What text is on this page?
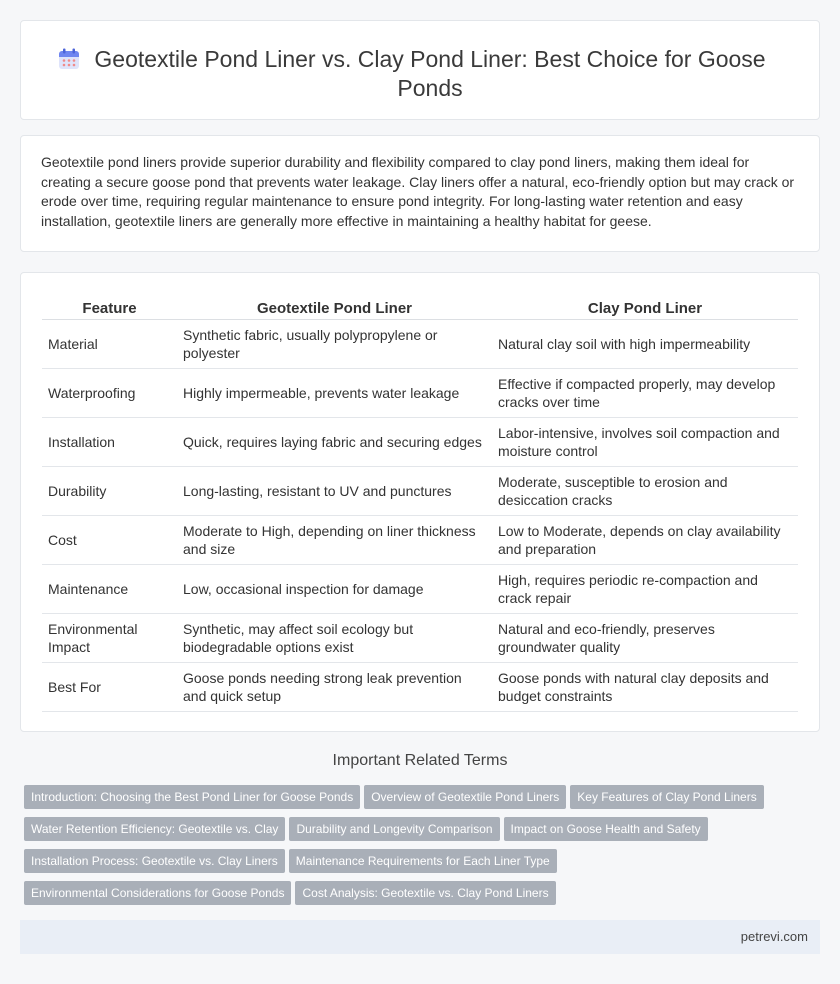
Geotextile Pond Liner vs. Clay Pond Liner: Best Choice for Goose Ponds

Geotextile pond liners provide superior durability and flexibility compared to clay pond liners, making them ideal for creating a secure goose pond that prevents water leakage. Clay liners offer a natural, eco-friendly option but may crack or erode over time, requiring regular maintenance to ensure pond integrity. For long-lasting water retention and easy installation, geotextile liners are generally more effective in maintaining a healthy habitat for geese.

Feature	Geotextile Pond Liner	Clay Pond Liner
Material	Synthetic fabric, usually polypropylene or polyester	Natural clay soil with high impermeability
Waterproofing	Highly impermeable, prevents water leakage	Effective if compacted properly, may develop cracks over time
Installation	Quick, requires laying fabric and securing edges	Labor-intensive, involves soil compaction and moisture control
Durability	Long-lasting, resistant to UV and punctures	Moderate, susceptible to erosion and desiccation cracks
Cost	Moderate to High, depending on liner thickness and size	Low to Moderate, depends on clay availability and preparation
Maintenance	Low, occasional inspection for damage	High, requires periodic re-compaction and crack repair
Environmental Impact	Synthetic, may affect soil ecology but biodegradable options exist	Natural and eco-friendly, preserves groundwater quality
Best For	Goose ponds needing strong leak prevention and quick setup	Goose ponds with natural clay deposits and budget constraints
Important Related Terms
Introduction: Choosing the Best Pond Liner for Goose Ponds Overview of Geotextile Pond Liners Key Features of Clay Pond Liners
Water Retention Efficiency: Geotextile vs. Clay Durability and Longevity Comparison Impact on Goose Health and Safety
Installation Process: Geotextile vs. Clay Liners Maintenance Requirements for Each Liner Type
Environmental Considerations for Goose Ponds Cost Analysis: Geotextile vs. Clay Pond Liners
petrevi.com
